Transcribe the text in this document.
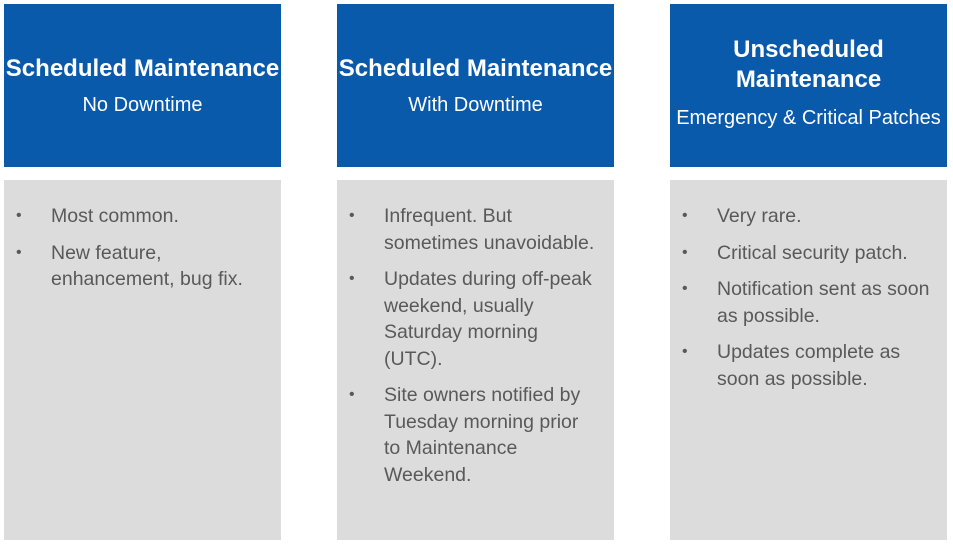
Scheduled Maintenance
No Downtime
• Most common.
• New feature, enhancement, bug fix.
Scheduled Maintenance
With Downtime
• Infrequent. But sometimes unavoidable.
• Updates during off-peak weekend, usually Saturday morning (UTC).
• Site owners notified by Tuesday morning prior to Maintenance Weekend.
Unscheduled Maintenance
Emergency & Critical Patches
• Very rare.
• Critical security patch.
• Notification sent as soon as possible.
• Updates complete as soon as possible.
